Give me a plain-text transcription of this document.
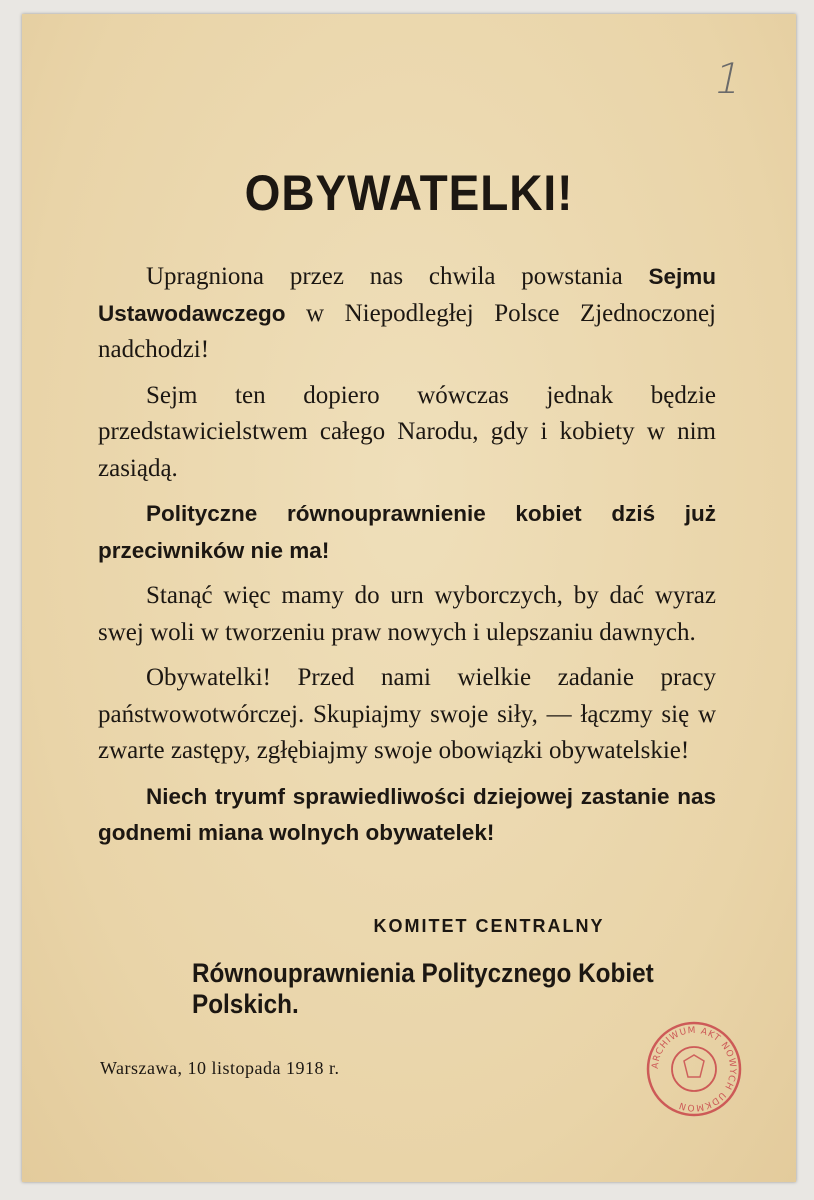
1
OBYWATELKI!

Upragniona przez nas chwila powstania Sejmu Ustawodawczego w Niepodległej Polsce Zjednoczonej nadchodzi!

Sejm ten dopiero wówczas jednak będzie przedstawicielstwem całego Narodu, gdy i kobiety w nim zasiądą.

Polityczne równouprawnienie kobiet dziś już przeciwników nie ma!

Stanąć więc mamy do urn wyborczych, by dać wyraz swej woli w tworzeniu praw nowych i ulepszaniu dawnych.

Obywatelki! Przed nami wielkie zadanie pracy państwowotwórczej. Skupiajmy swoje siły, — łączmy się w zwarte zastępy, zgłębiajmy swoje obowiązki obywatelskie!

Niech tryumf sprawiedliwości dziejowej zastanie nas godnemi miana wolnych obywatelek!

KOMITET CENTRALNY
Równouprawnienia Politycznego Kobiet Polskich.
Warszawa, 10 listopada 1918 r.	ARCHIWUM AKT NOWYCH UDKMON
